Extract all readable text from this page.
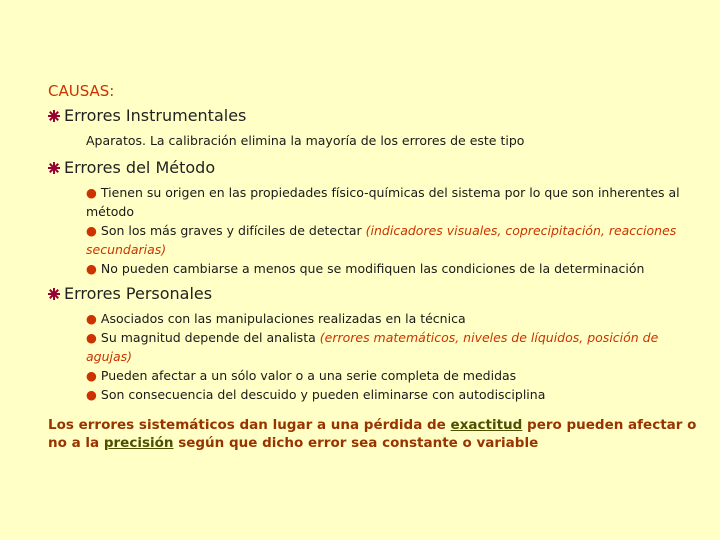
CAUSAS:
Errores Instrumentales
Aparatos. La calibración elimina la mayoría de los errores de este tipo
Errores del Método
● Tienen su origen en las propiedades físico-químicas del sistema por lo que son inherentes al método
● Son los más graves y difíciles de detectar (indicadores visuales, coprecipitación, reacciones secundarias)
● No pueden cambiarse a menos que se modifiquen las condiciones de la determinación
Errores Personales
● Asociados con las manipulaciones realizadas en la técnica
● Su magnitud depende del analista (errores matemáticos, niveles de líquidos, posición de agujas)
● Pueden afectar a un sólo valor o a una serie completa de medidas
● Son consecuencia del descuido y pueden eliminarse con autodisciplina
Los errores sistemáticos dan lugar a una pérdida de exactitud pero pueden afectar o no a la precisión según que dicho error sea constante o variable
